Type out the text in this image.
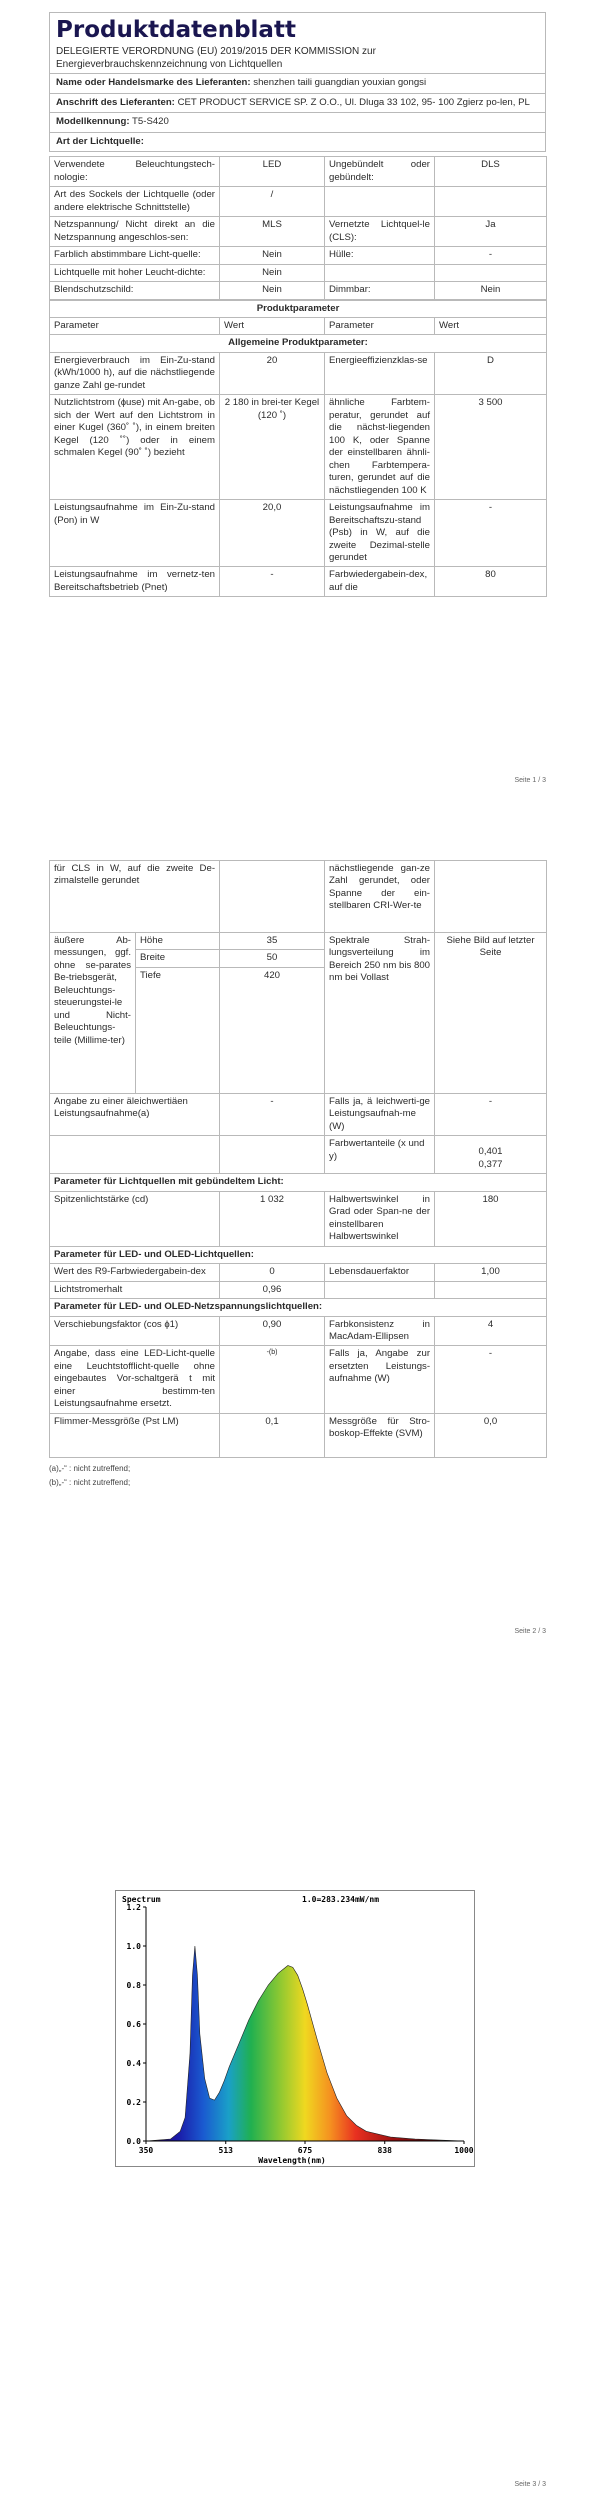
Produktdatenblatt
DELEGIERTE VERORDNUNG (EU) 2019/2015 DER KOMMISSION zur
Energieverbrauchskennzeichnung von Lichtquellen
Name oder Handelsmarke des Lieferanten: shenzhen taili guangdian youxian gongsi
Anschrift des Lieferanten: CET PRODUCT SERVICE SP. Z O.O., Ul. Dluga 33 102, 95- 100 Zgierz po-len, PL
Modellkennung: T5-S420
Art der Lichtquelle:
Verwendete Beleuchtungstech-nologie:	LED	Ungebündelt oder gebündelt:	DLS
Art des Sockels der Lichtquelle (oder andere elektrische Schnittstelle)	/		
Netzspannung/ Nicht direkt an die Netzspannung angeschlos-sen:	MLS	Vernetzte Lichtquel-le (CLS):	Ja
Farblich abstimmbare Licht-quelle:	Nein	Hülle:	-
Lichtquelle mit hoher Leucht-dichte:	Nein		
Blendschutzschild:	Nein	Dimmbar:	Nein
Produktparameter			
Parameter	Wert	Parameter	Wert
Allgemeine Produktparameter:			
Energieverbrauch im Ein-Zu-stand (kWh/1000 h), auf die nächstliegende ganze Zahl ge-rundet	20	Energieeffizienzklas-se	D
Nutzlichtstrom (ɸuse) mit An-gabe, ob sich der Wert auf den Lichtstrom in einer Kugel (360˚ ˚), in einem breiten Kegel (120 ˚˚) oder in einem schmalen Kegel (90˚ ˚) bezieht	2 180 in brei-ter Kegel (120 ˚)	ähnliche Farbtem-peratur, gerundet auf die nächst-liegenden 100 K, oder Spanne der einstellbaren ähnli-chen Farbtempera-turen, gerundet auf die nächstliegenden 100 K	3 500
Leistungsaufnahme im Ein-Zu-stand (Pon) in W	20,0	Leistungsaufnahme im Bereitschaftszu-stand (Psb) in W, auf die zweite Dezimal-stelle gerundet	-
Leistungsaufnahme im vernetz-ten Bereitschaftsbetrieb (Pnet)	-	Farbwiedergabein-dex, auf die	80
Seite 1 / 3
für CLS in W, auf die zweite De-zimalstelle gerundet			nächstliegende gan-ze Zahl gerundet, oder Spanne der ein-stellbaren CRI-Wer-te	
äußere Ab-messungen, ggf. ohne se-parates Be-triebsgerät, Beleuchtungs-steuerungstei-le und Nicht-Beleuchtungs-teile (Millime-ter)	Höhe	35	Spektrale Strah-lungsverteilung im Bereich 250 nm bis 800 nm bei Vollast	Siehe Bild auf letzter Seite
	Breite	50		
	Tiefe	420		
Angabe zu einer äleichwertiäen Leistungsaufnahme(a)		-	Falls ja, ä leichwerti-ge Leistungsaufnah-me (W)	-
			Farbwertanteile (x und y)	0,401
0,377

Parameter für Lichtquellen mit gebündeltem Licht:				
Spitzenlichtstärke (cd)		1 032	Halbwertswinkel in Grad oder Span-ne der einstellbaren Halbwertswinkel	180
Parameter für LED- und OLED-Lichtquellen:				
Wert des R9-Farbwiedergabein-dex		0	Lebensdauerfaktor	1,00
Lichtstromerhalt		0,96		
Parameter für LED- und OLED-Netzspannungslichtquellen:				
Verschiebungsfaktor (cos ɸ1)		0,90	Farbkonsistenz in MacAdam-Ellipsen	4
Angabe, dass eine LED-Licht-quelle eine Leuchtstofflicht-quelle ohne eingebautes Vor-schaltgerä t mit einer bestimm-ten Leistungsaufnahme ersetzt.		-(b)	Falls ja, Angabe zur ersetzten Leistungs-aufnahme (W)	-
Flimmer-Messgröße (Pst LM)		0,1	Messgröße für Stro-boskop-Effekte (SVM)	0,0
(a)„-“ : nicht zutreffend;
(b)„-“ : nicht zutreffend;
Seite 2 / 3
Seite 3 / 3
Spectrum	1.0=283.234mW/nm
0.0
0.2
0.4
0.6
0.8
1.0
1.2
350	513	675	838	1000
Wavelength(nm)
